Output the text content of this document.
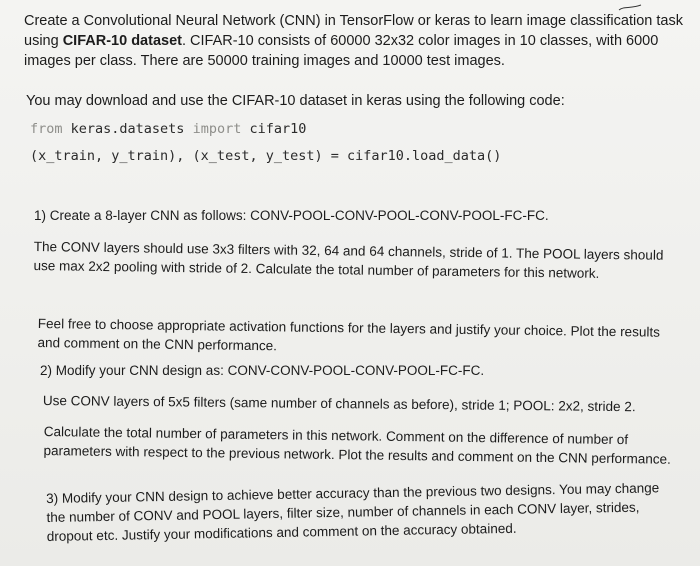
Create a Convolutional Neural Network (CNN) in TensorFlow or keras to learn image classification task using CIFAR-10 dataset. CIFAR-10 consists of 60000 32x32 color images in 10 classes, with 6000 images per class. There are 50000 training images and 10000 test images.

You may download and use the CIFAR-10 dataset in keras using the following code:

from keras.datasets import cifar10
(x_train, y_train), (x_test, y_test) = cifar10.load_data()

1) Create a 8-layer CNN as follows: CONV-POOL-CONV-POOL-CONV-POOL-FC-FC.

The CONV layers should use 3x3 filters with 32, 64 and 64 channels, stride of 1. The POOL layers should use max 2x2 pooling with stride of 2. Calculate the total number of parameters for this network.

Feel free to choose appropriate activation functions for the layers and justify your choice. Plot the results and comment on the CNN performance.

2) Modify your CNN design as: CONV-CONV-POOL-CONV-POOL-FC-FC.

Use CONV layers of 5x5 filters (same number of channels as before), stride 1; POOL: 2x2, stride 2.

Calculate the total number of parameters in this network. Comment on the difference of number of parameters with respect to the previous network. Plot the results and comment on the CNN performance.

3) Modify your CNN design to achieve better accuracy than the previous two designs. You may change the number of CONV and POOL layers, filter size, number of channels in each CONV layer, strides, dropout etc. Justify your modifications and comment on the accuracy obtained.
